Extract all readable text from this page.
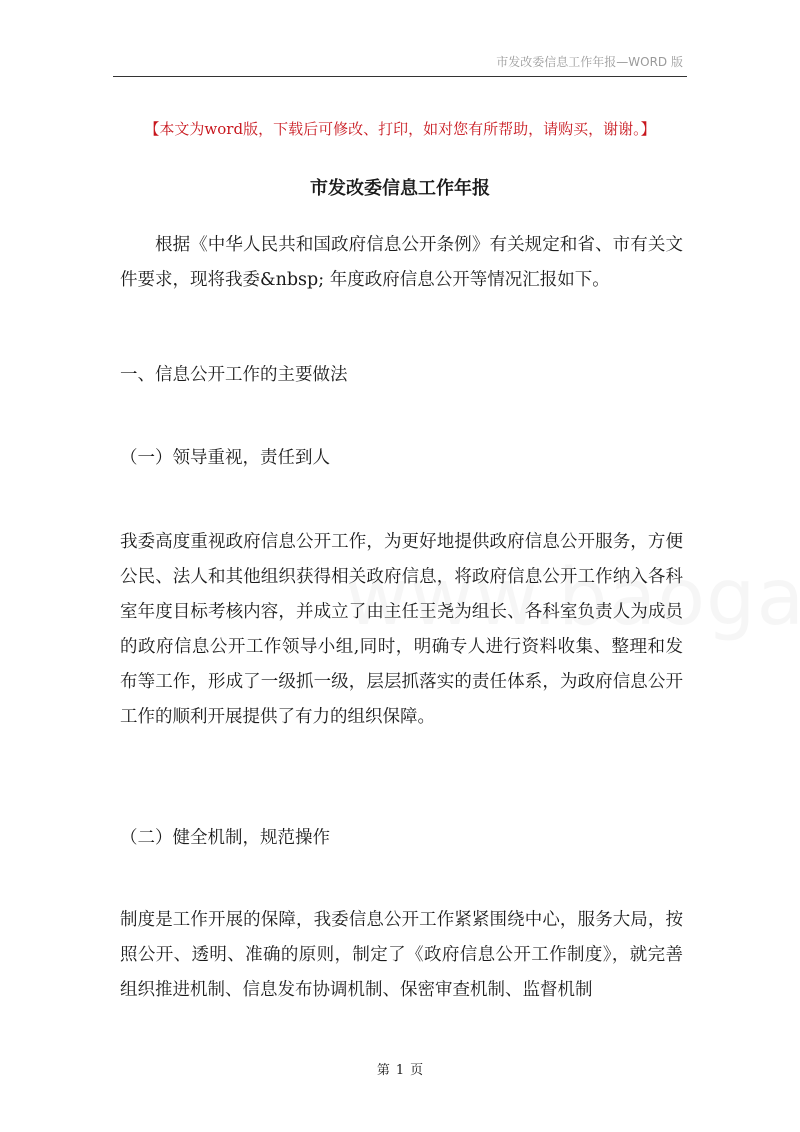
市发改委信息工作年报—WORD 版
【本文为word版，下载后可修改、打印，如对您有所帮助，请购买，谢谢。】
市发改委信息工作年报

根据《中华人民共和国政府信息公开条例》有关规定和省、市有关文件要求，现将我委&nbsp; 年度政府信息公开等情况汇报如下。

一、信息公开工作的主要做法
（一）领导重视，责任到人

我委高度重视政府信息公开工作，为更好地提供政府信息公开服务，方便公民、法人和其他组织获得相关政府信息，将政府信息公开工作纳入各科室年度目标考核内容，并成立了由主任王尧为组长、各科室负责人为成员的政府信息公开工作领导小组,同时，明确专人进行资料收集、整理和发布等工作，形成了一级抓一级，层层抓落实的责任体系，为政府信息公开工作的顺利开展提供了有力的组织保障。

（二）健全机制，规范操作

制度是工作开展的保障，我委信息公开工作紧紧围绕中心，服务大局，按照公开、透明、准确的原则，制定了《政府信息公开工作制度》，就完善组织推进机制、信息发布协调机制、保密审查机制、监督机制

第 1 页
